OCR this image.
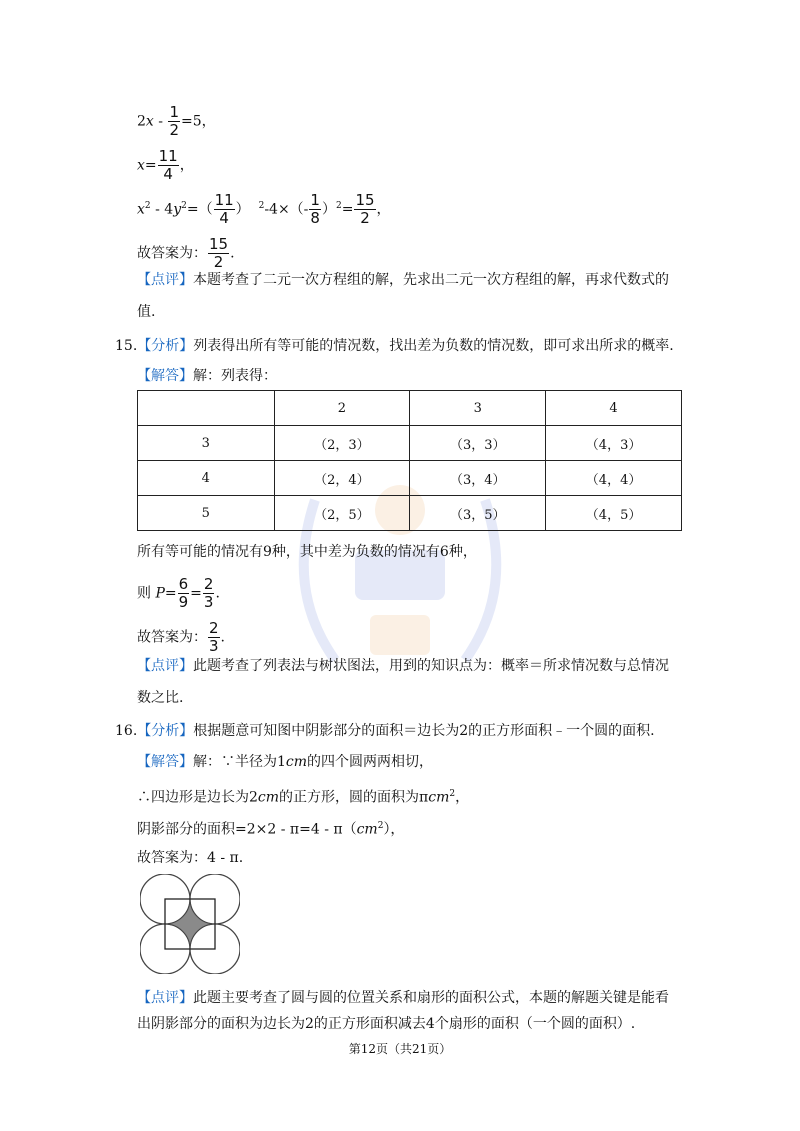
$2x - \frac{1}{2} =5$，
$x= \frac{11}{4}$ ，
$x^2 - 4y^2=( \frac{11}{4}$ ） $^2-4\times(- \frac{1}{8} )^2= \frac{15}{2}$ ，
故答案为： $\frac{15}{2}$ .
【点评】本题考查了二元一次方程组的解，先求出二元一次方程组的解，再求代数式的
值.
15.【分析】列表得出所有等可能的情况数，找出差为负数的情况数，即可求出所求的概率.
【解答】解：列表得：
	2	3	4
3	（2，3）	（3，3）	（4，3）
4	（2，4）	（3，4）	（4，4）
5	（2，5）	（3，5）	（4，5）
所有等可能的情况有9种，其中差为负数的情况有6种，
则 $P= \frac{6}{9} = \frac{2}{3}$ .
故答案为： $\frac{2}{3}$ .
【点评】此题考查了列表法与树状图法，用到的知识点为：概率＝所求情况数与总情况
数之比.
16.【分析】根据题意可知图中阴影部分的面积＝边长为2的正方形面积﹣一个圆的面积.
【解答】解：∵半径为1cm的四个圆两两相切，
∴四边形是边长为2cm的正方形，圆的面积为πcm$^2$，
阴影部分的面积$=2\times 2 - \pi=4 - \pi(cm^2)$，
故答案为：4 - π.
【点评】此题主要考查了圆与圆的位置关系和扇形的面积公式，本题的解题关键是能看
出阴影部分的面积为边长为2的正方形面积减去4个扇形的面积（一个圆的面积）.
第12页（共21页）
